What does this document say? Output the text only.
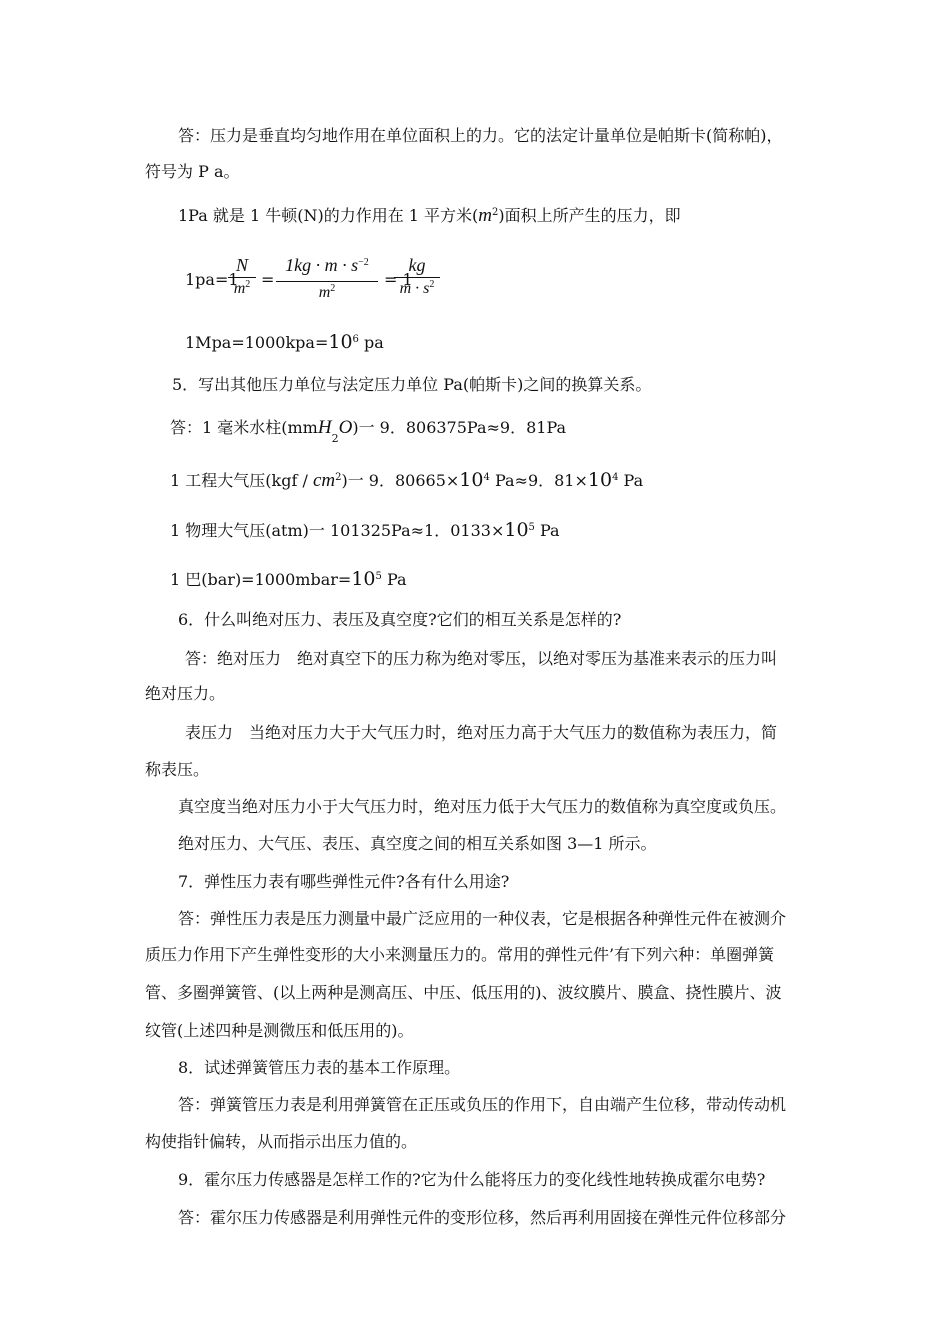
答：压力是垂直均匀地作用在单位面积上的力。它的法定计量单位是帕斯卡(简称帕)，
符号为 P a。
1Pa 就是 1 牛顿(N)的力作用在 1 平方米$(m^2)$面积上所产生的压力，即
1pa=1
N
$m^2$ =
$1kg \cdot m \cdot s^{-2}$
$m^2$	= 1
kg
$m \cdot s^2$
$1Mpa=1000kpa=10^6$ pa
5．写出其他压力单位与法定压力单位 Pa(帕斯卡)之间的换算关系。
答：1 毫米水柱(mmH$_2$O)一 9．806375Pa≈9．81Pa
1 工程大气压$(kgf / cm^2)$一 9．$80665\times 10^4$ Pa≈9．$81\times 10^4$ Pa
1 物理大气压(atm)一 101325Pa≈1．$0133\times 10^5$ Pa
1 巴$(bar)=1000mbar=10^5$ Pa
6．什么叫绝对压力、表压及真空度?它们的相互关系是怎样的?
答：绝对压力　绝对真空下的压力称为绝对零压，以绝对零压为基准来表示的压力叫
绝对压力。
表压力　当绝对压力大于大气压力时，绝对压力高于大气压力的数值称为表压力，简
称表压。
真空度当绝对压力小于大气压力时，绝对压力低于大气压力的数值称为真空度或负压。
绝对压力、大气压、表压、真空度之间的相互关系如图 3—1 所示。
7．弹性压力表有哪些弹性元件?各有什么用途?
答：弹性压力表是压力测量中最广泛应用的一种仪表，它是根据各种弹性元件在被测介
质压力作用下产生弹性变形的大小来测量压力的。常用的弹性元件’有下列六种：单圈弹簧
管、多圈弹簧管、(以上两种是测高压、中压、低压用的)、波纹膜片、膜盒、挠性膜片、波
纹管(上述四种是测微压和低压用的)。
8．试述弹簧管压力表的基本工作原理。
答：弹簧管压力表是利用弹簧管在正压或负压的作用下，自由端产生位移，带动传动机
构使指针偏转，从而指示出压力值的。
9．霍尔压力传感器是怎样工作的?它为什么能将压力的变化线性地转换成霍尔电势?
答：霍尔压力传感器是利用弹性元件的变形位移，然后再利用固接在弹性元件位移部分
